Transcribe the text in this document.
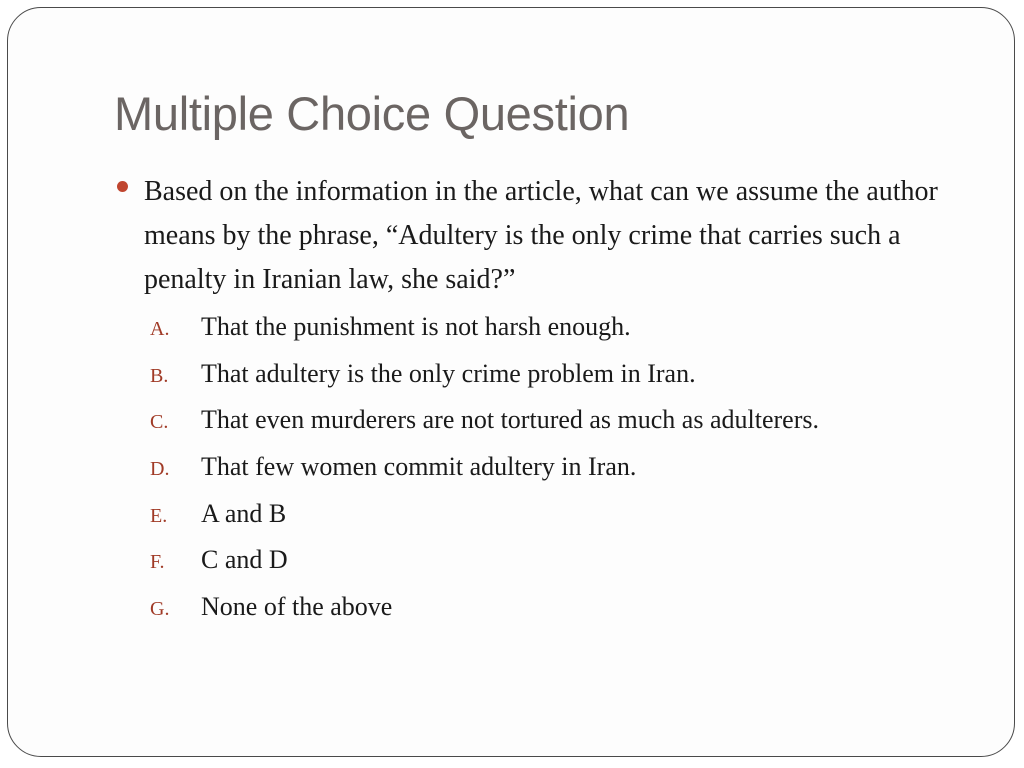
Multiple Choice Question
Based on the information in the article, what can we assume the author means by the phrase, “Adultery is the only crime that carries such a penalty in Iranian law, she said?”
A. That the punishment is not harsh enough.
B. That adultery is the only crime problem in Iran.
C. That even murderers are not tortured as much as adulterers.
D. That few women commit adultery in Iran.
E. A and B
F. C and D
G. None of the above
